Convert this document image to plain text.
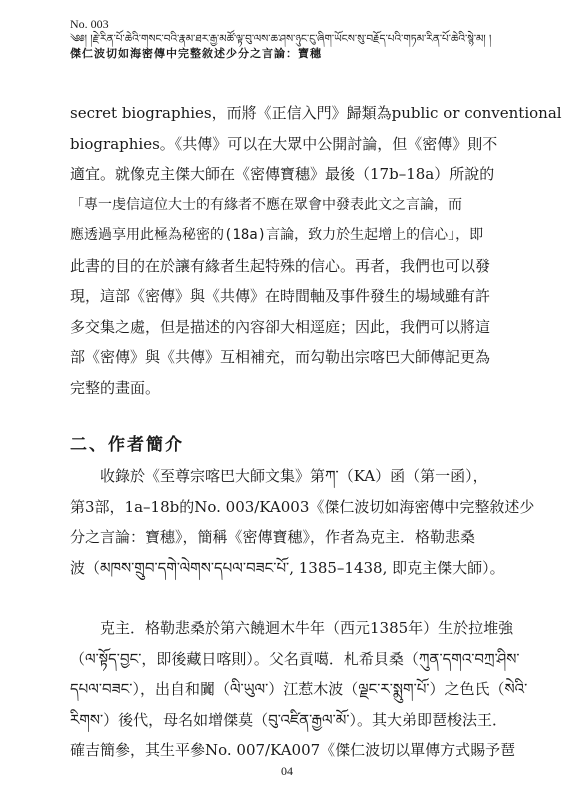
No. 003
༄༅། །རྗེ་རིན་པོ་ཆེའི་གསང་བའི་རྣམ་ཐར་རྒྱ་མཚོ་ལྟ་བུ་ལས་ཆ་ཤས་ཉུང་ངུ་ཞིག་ཡོངས་སུ་བརྗོད་པའི་གཏམ་རིན་པོ་ཆེའི་སྙེ་མ། །
傑仁波切如海密傳中完整敘述少分之言論：寶穗
secret biographies，而將《正信入門》歸類為public or conventional
biographies。《共傳》可以在大眾中公開討論，但《密傳》則不
適宜。就像克主傑大師在《密傳寶穗》最後（17b–18a）所說的
「專一虔信這位大士的有緣者不應在眾會中發表此文之言論，而
應透過享用此極為秘密的(18a)言論，致力於生起增上的信心」，即
此書的目的在於讓有緣者生起特殊的信心。再者，我們也可以發
現，這部《密傳》與《共傳》在時間軸及事件發生的場域雖有許
多交集之處，但是描述的內容卻大相逕庭；因此，我們可以將這
部《密傳》與《共傳》互相補充，而勾勒出宗喀巴大師傳記更為
完整的畫面。
二、作者簡介
收錄於《至尊宗喀巴大師文集》第ཀ་（KA）函（第一函），
第3部，1a–18b的No. 003/KA003《傑仁波切如海密傳中完整敘述少
分之言論：寶穗》，簡稱《密傳寶穗》，作者為克主．格勒悲桑
波（མཁས་གྲུབ་དགེ་ལེགས་དཔལ་བཟང་པོ་, 1385–1438, 即克主傑大師）。
克主．格勒悲桑於第六饒迴木牛年（西元1385年）生於拉堆強
（ལ་སྟོད་བྱང་，即後藏日喀則）。父名貢噶．札希貝桑（ཀུན་དགའ་བཀྲ་ཤིས་
དཔལ་བཟང་），出自和闐（ལི་ཡུལ་）江惹木波（ལྗང་ར་སྨུག་པོ་）之色氏（སེའི་
རིགས་）後代，母名如增傑莫（བུ་འཛིན་རྒྱལ་མོ་）。其大弟即琶梭法王．
確吉簡參，其生平參No. 007/KA007《傑仁波切以單傳方式賜予琶
04
